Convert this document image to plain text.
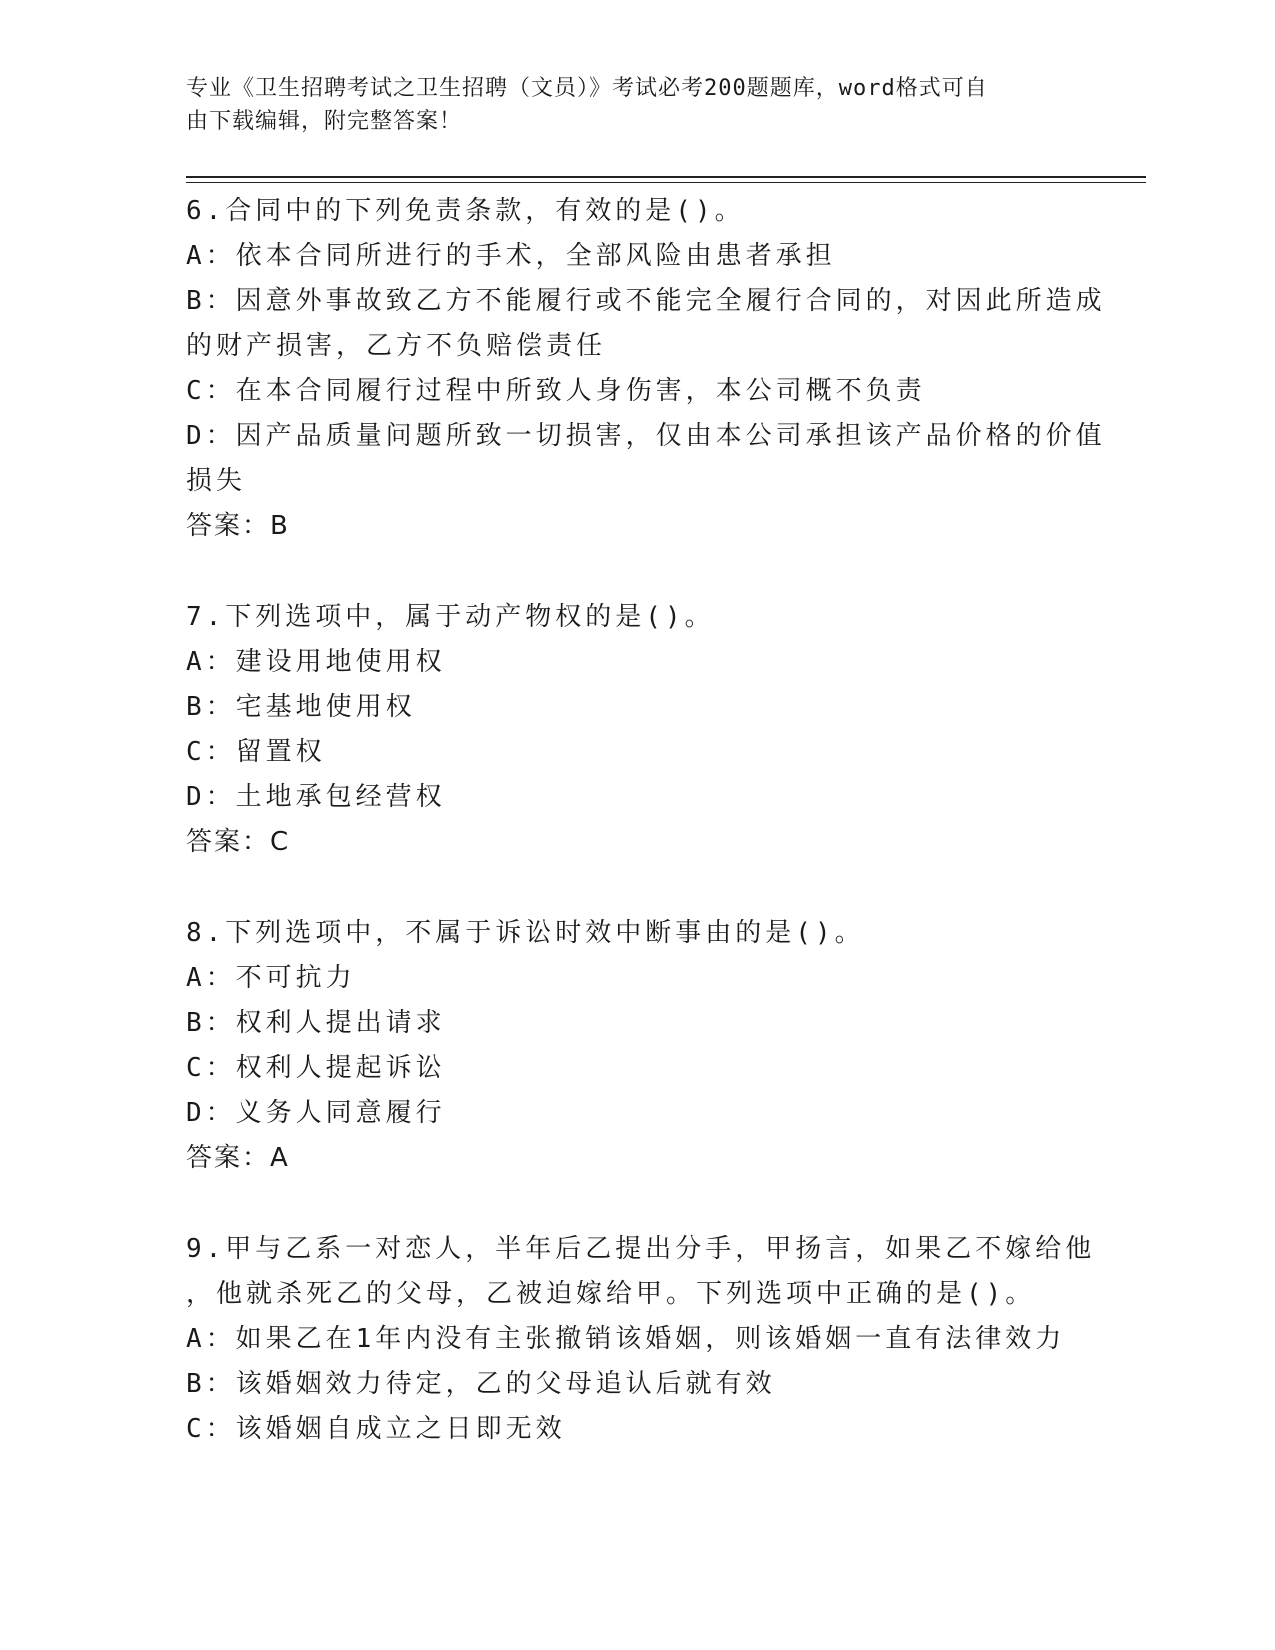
专业《卫生招聘考试之卫生招聘（文员）》考试必考200题题库，word格式可自
由下载编辑，附完整答案！
6.合同中的下列免责条款，有效的是()。
A：依本合同所进行的手术，全部风险由患者承担
B：因意外事故致乙方不能履行或不能完全履行合同的，对因此所造成
的财产损害，乙方不负赔偿责任
C：在本合同履行过程中所致人身伤害，本公司概不负责
D：因产品质量问题所致一切损害，仅由本公司承担该产品价格的价值
损失
答案：B
7.下列选项中，属于动产物权的是()。
A：建设用地使用权
B：宅基地使用权
C：留置权
D：土地承包经营权
答案：C
8.下列选项中，不属于诉讼时效中断事由的是()。
A：不可抗力
B：权利人提出请求
C：权利人提起诉讼
D：义务人同意履行
答案：A
9.甲与乙系一对恋人，半年后乙提出分手，甲扬言，如果乙不嫁给他
，他就杀死乙的父母，乙被迫嫁给甲。下列选项中正确的是()。
A：如果乙在1年内没有主张撤销该婚姻，则该婚姻一直有法律效力
B：该婚姻效力待定，乙的父母追认后就有效
C：该婚姻自成立之日即无效
